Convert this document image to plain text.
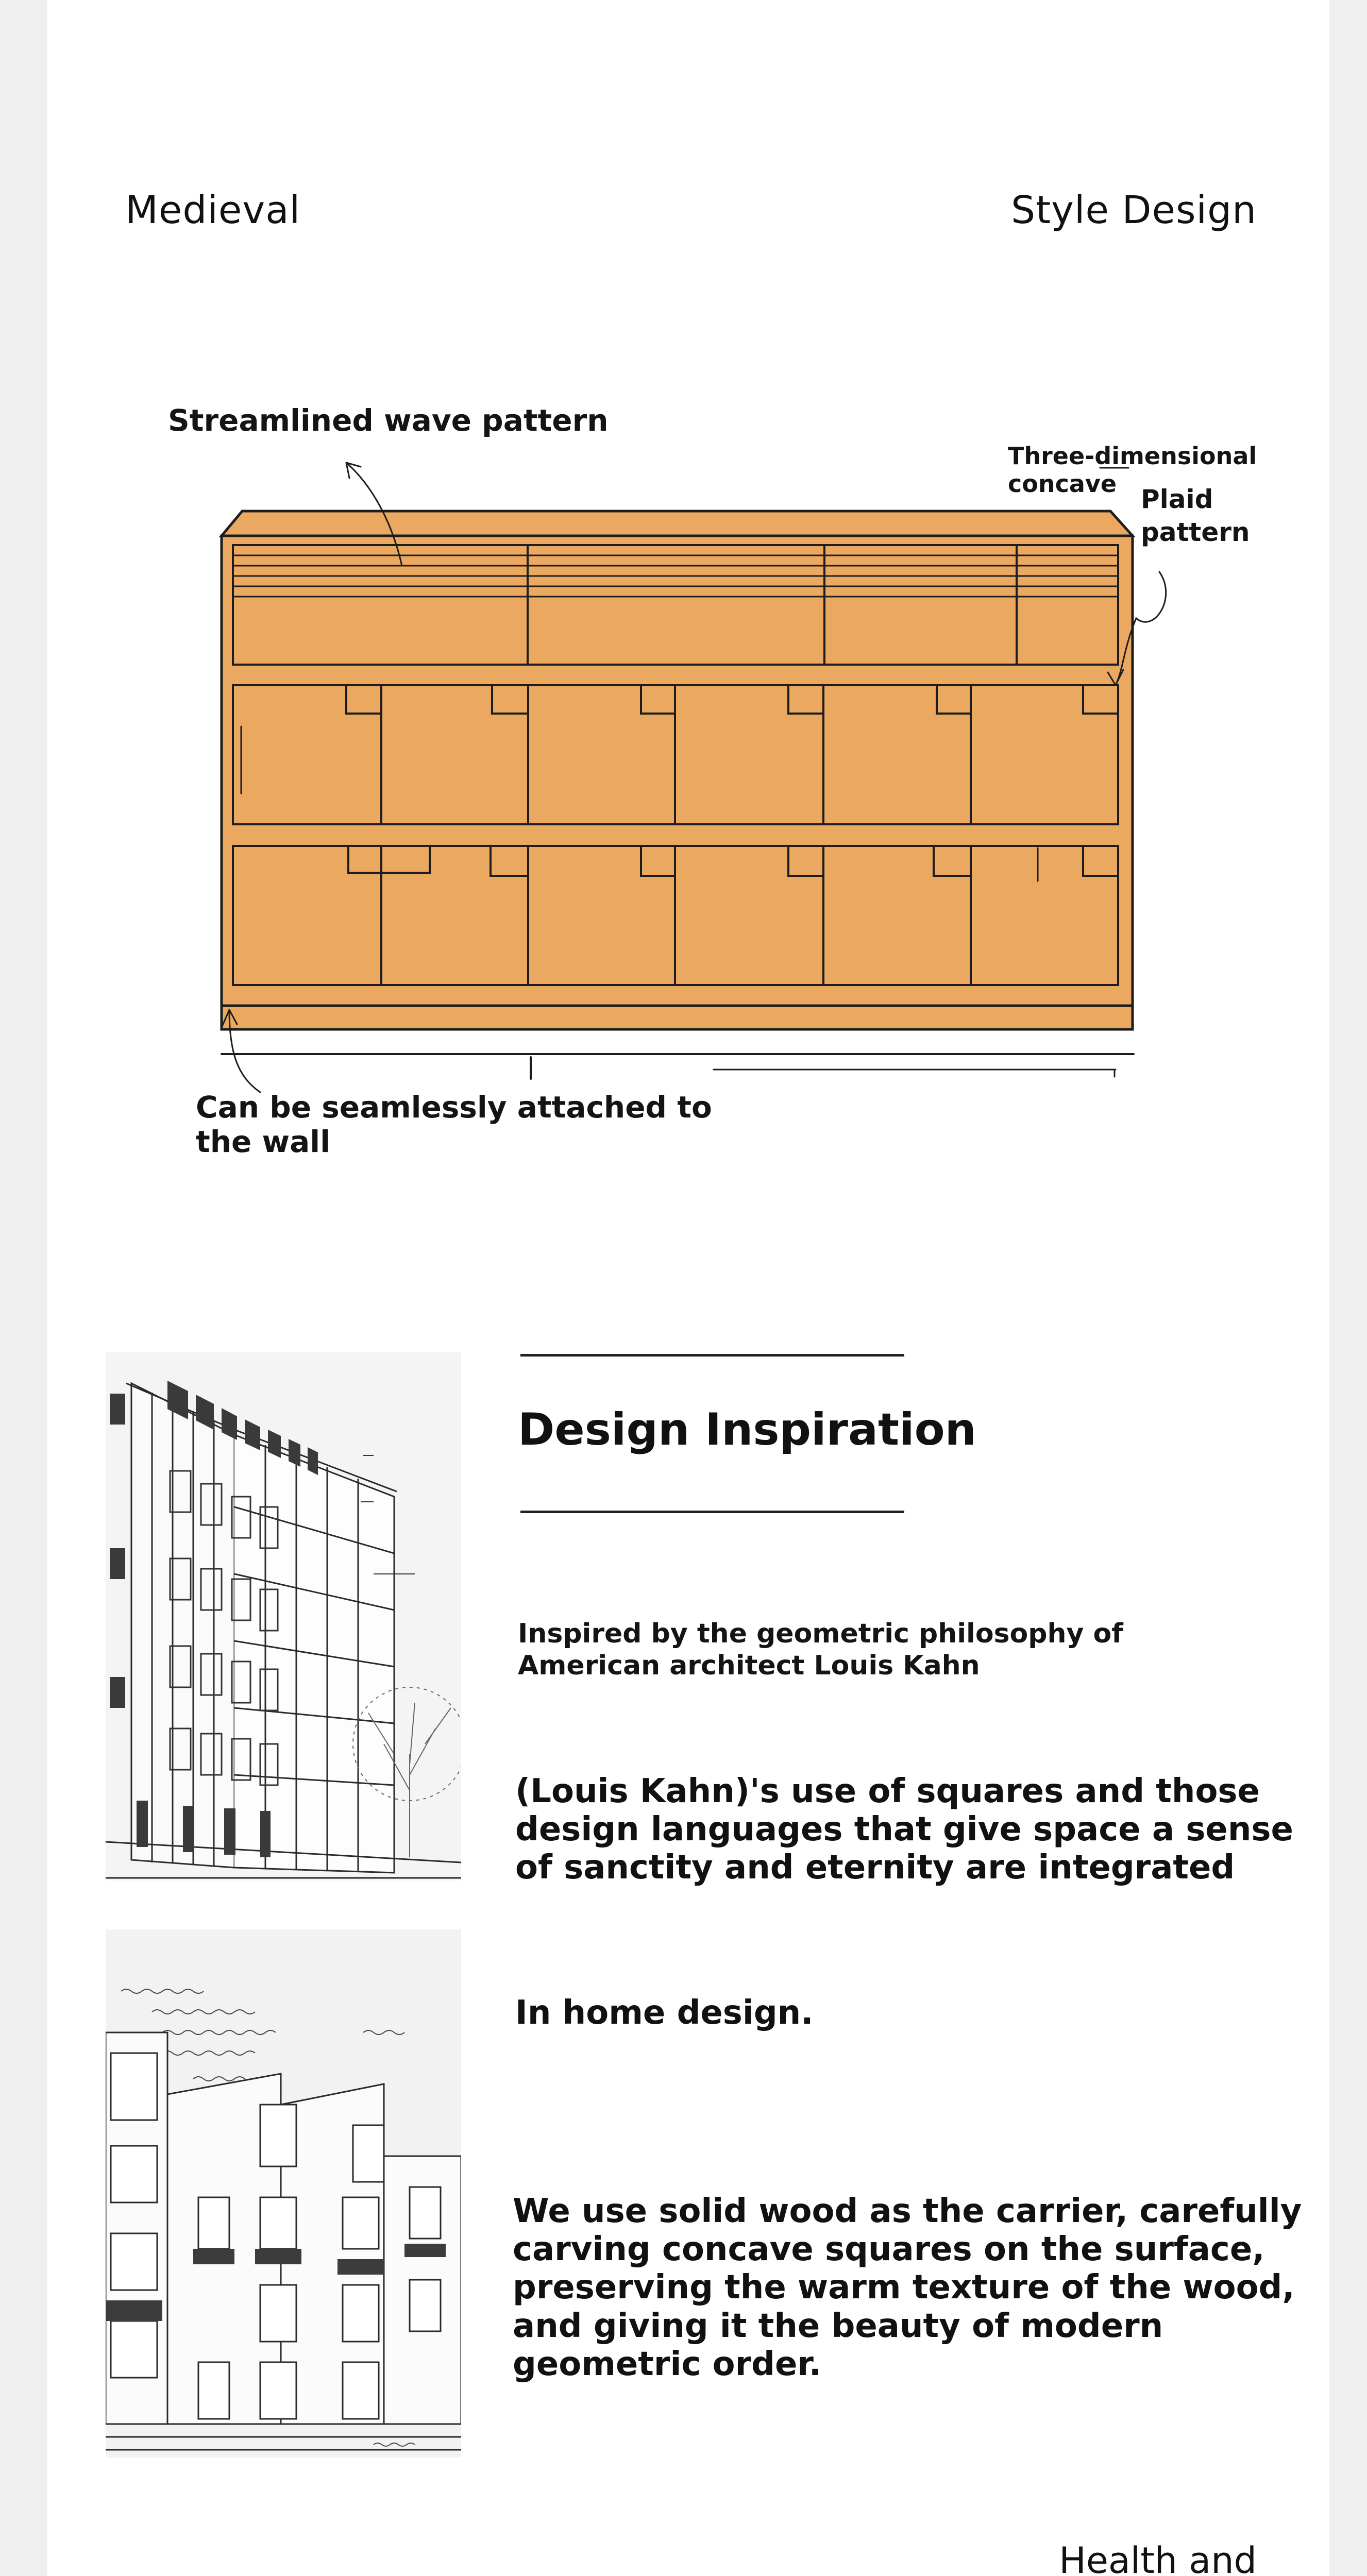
Medieval	Style Design
Streamlined wave pattern
Three-dimensional concave
Plaid
pattern
Can be seamlessly attached to
the wall
Design Inspiration
Inspired by the geometric philosophy of
American architect Louis Kahn
(Louis Kahn)'s use of squares and those
design languages that give space a sense
of sanctity and eternity are integrated
In home design.
We use solid wood as the carrier, carefully
carving concave squares on the surface,
preserving the warm texture of the wood,
and giving it the beauty of modern
geometric order.
Health and
